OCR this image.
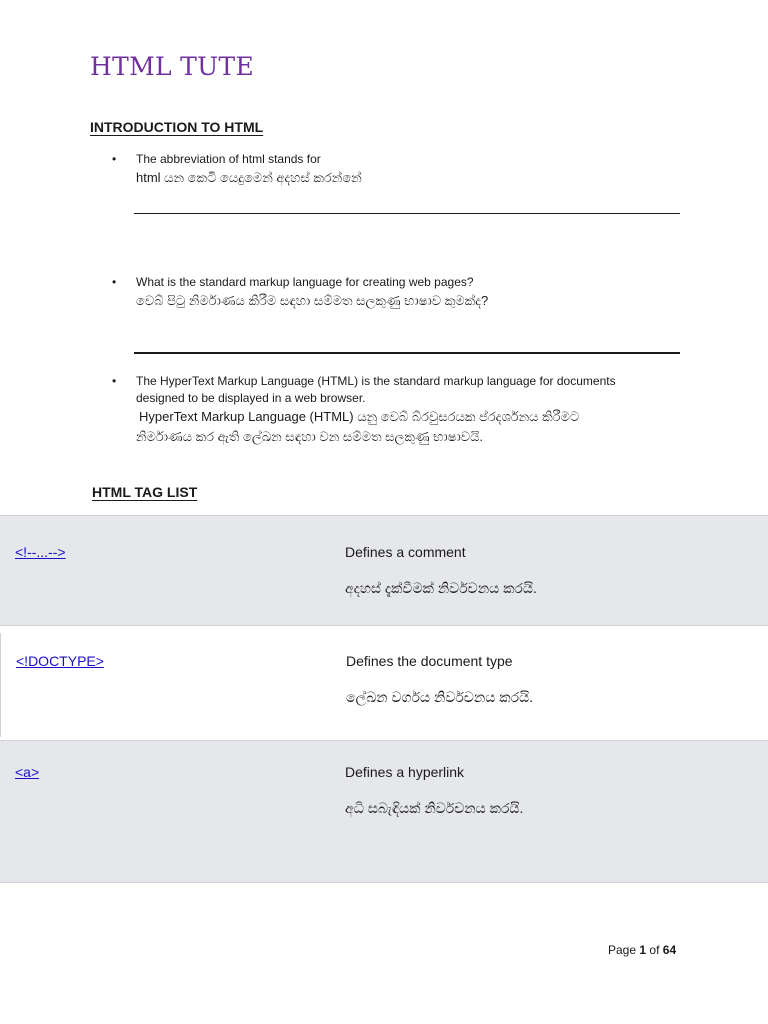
HTML TUTE
INTRODUCTION TO HTML
•	The abbreviation of html stands for
html යන කෙටි යෙදුමෙන් අදහස් කරන්නේ
•	What is the standard markup language for creating web pages?
වෙබ් පිටු නිර්මාණය කිරීම සඳහා සම්මත සලකුණු භාෂාව කුමක්ද?
•	The HyperText Markup Language (HTML) is the standard markup language for documents
designed to be displayed in a web browser.
HyperText Markup Language (HTML) යනු වෙබ් බ්රවුසරයක ප්රදර්ශනය කිරීමට
නිර්මාණය කර ඇති ලේඛන සඳහා වන සම්මත සලකුණු භාෂාවයි.
HTML TAG LIST
<!--...-->	Defines a comment
අදහස් දැක්වීමක් නිර්වචනය කරයි.
<!DOCTYPE>	Defines the document type
ලේඛන වර්ගය නිර්වචනය කරයි.
<a>	Defines a hyperlink
අධි සබැඳියක් නිර්වචනය කරයි.
Page 1 of 64
